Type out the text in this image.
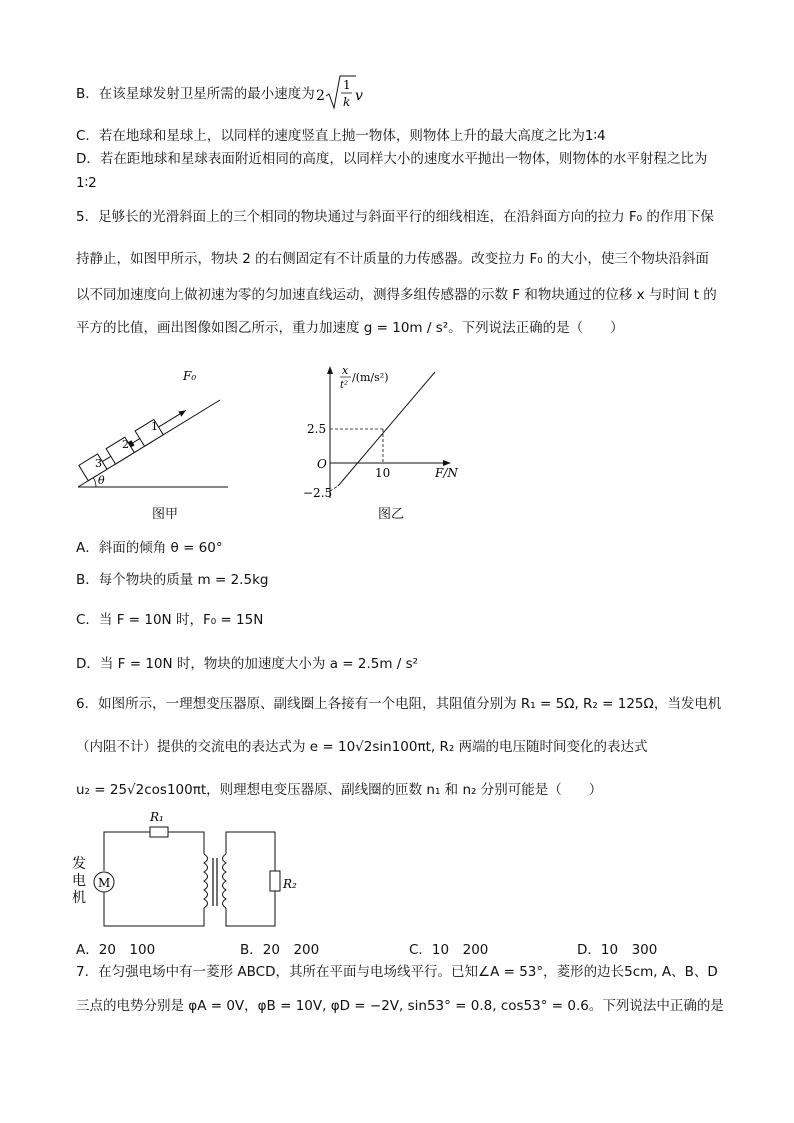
B．在该星球发射卫星所需的最小速度为 2
1
k v
C．若在地球和星球上，以同样的速度竖直上抛一物体，则物体上升的最大高度之比为1∶4
D．若在距地球和星球表面附近相同的高度，以同样大小的速度水平抛出一物体，则物体的水平射程之比为
1∶2
5．足够长的光滑斜面上的三个相同的物块通过与斜面平行的细线相连，在沿斜面方向的拉力 F₀ 的作用下保
持静止，如图甲所示，物块 2 的右侧固定有不计质量的力传感器。改变拉力 F₀ 的大小，使三个物块沿斜面
以不同加速度向上做初速为零的匀加速直线运动，测得多组传感器的示数 F 和物块通过的位移 x 与时间 t 的
平方的比值，画出图像如图乙所示，重力加速度 g = 10m / s²。下列说法正确的是（　　）
θ
3
2
1
F₀
图甲
x
t²
/(m/s²)
2.5
−2.5
O
10	F/N
图乙
A．斜面的倾角 θ = 60°
B．每个物块的质量 m = 2.5kg
C．当 F = 10N 时，F₀ = 15N
D．当 F = 10N 时，物块的加速度大小为 a = 2.5m / s²
6．如图所示，一理想变压器原、副线圈上各接有一个电阻，其阻值分别为 R₁ = 5Ω, R₂ = 125Ω，当发电机
（内阻不计）提供的交流电的表达式为 e = 10√2sin100πt, R₂ 两端的电压随时间变化的表达式
u₂ = 25√2cos100πt，则理想电变压器原、副线圈的匝数 n₁ 和 n₂ 分别可能是（　　）
发
电
机
R₁
M	R₂
A．20　100	B．20　200	C．10　200	D．10　300
7．在匀强电场中有一菱形 ABCD，其所在平面与电场线平行。已知∠A = 53°，菱形的边长5cm, A、B、D
三点的电势分别是 φA = 0V，φB = 10V, φD = −2V, sin53° = 0.8, cos53° = 0.6。下列说法中正确的是
